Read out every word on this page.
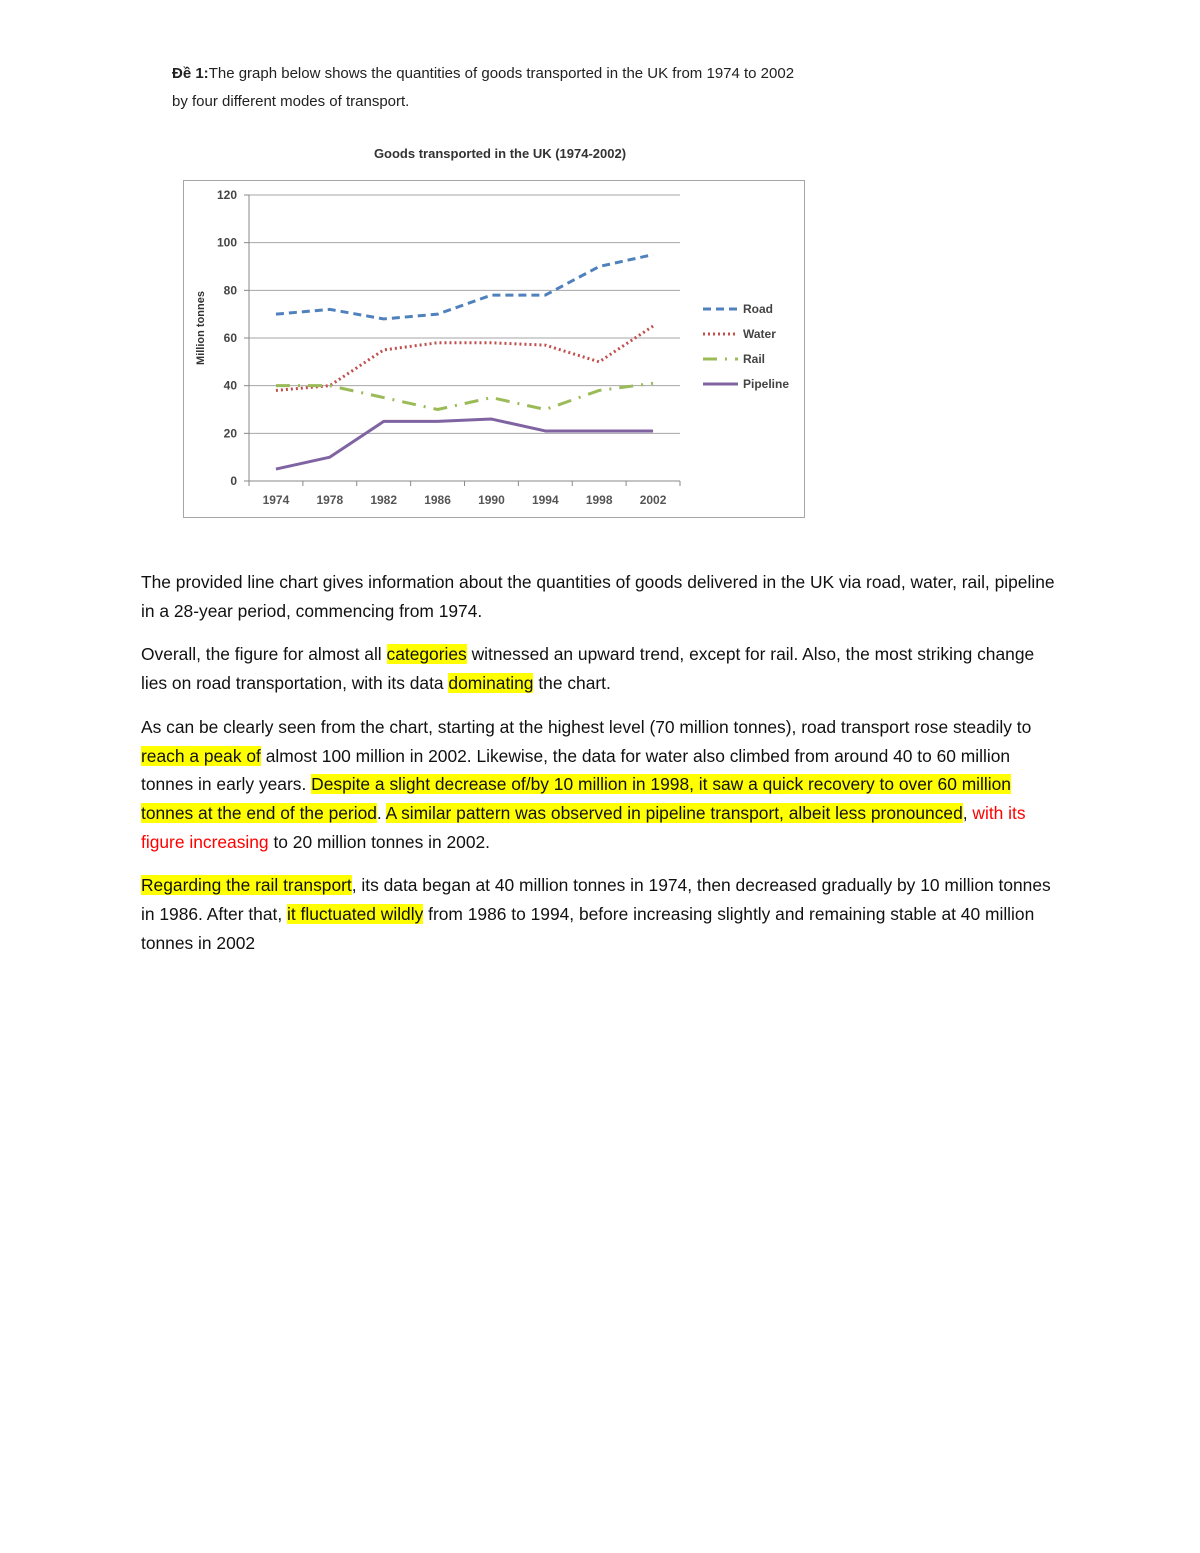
Đề 1:The graph below shows the quantities of goods transported in the UK from 1974 to 2002 by four different modes of transport.
Goods transported in the UK (1974-2002)
0
20
40
60
80
100
120
1974 1978 1982 1986 1990 1994 1998 2002
Million tonnes	Road
Water
Rail
Pipeline

The provided line chart gives information about the quantities of goods delivered in the UK via road, water, rail, pipeline in a 28-year period, commencing from 1974.

Overall, the figure for almost all categories witnessed an upward trend, except for rail. Also, the most striking change lies on road transportation, with its data dominating the chart.

As can be clearly seen from the chart, starting at the highest level (70 million tonnes), road transport rose steadily to reach a peak of almost 100 million in 2002. Likewise, the data for water also climbed from around 40 to 60 million tonnes in early years. Despite a slight decrease of/by 10 million in 1998, it saw a quick recovery to over 60 million tonnes at the end of the period. A similar pattern was observed in pipeline transport, albeit less pronounced, with its figure increasing to 20 million tonnes in 2002.

Regarding the rail transport, its data began at 40 million tonnes in 1974, then decreased gradually by 10 million tonnes in 1986. After that, it fluctuated wildly from 1986 to 1994, before increasing slightly and remaining stable at 40 million tonnes in 2002
